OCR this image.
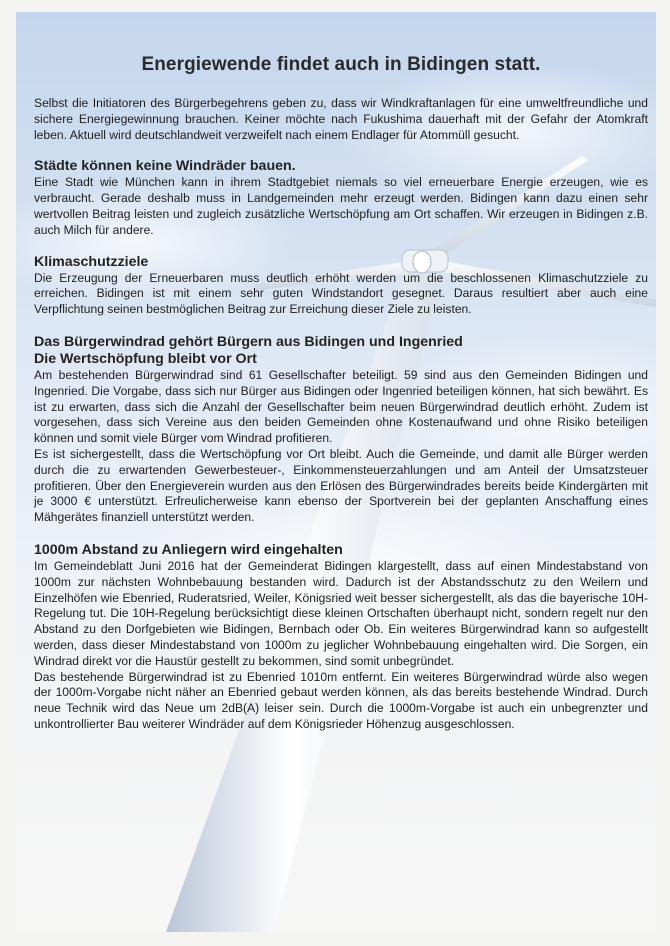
Energiewende findet auch in Bidingen statt.

Selbst die Initiatoren des Bürgerbegehrens geben zu, dass wir Windkraftanlagen für eine umweltfreundliche und sichere Energiegewinnung brauchen. Keiner möchte nach Fukushima dauerhaft mit der Gefahr der Atomkraft leben. Aktuell wird deutschlandweit verzweifelt nach einem Endlager für Atommüll gesucht.

Städte können keine Windräder bauen.

Eine Stadt wie München kann in ihrem Stadtgebiet niemals so viel erneuerbare Energie erzeugen, wie es verbraucht. Gerade deshalb muss in Landgemeinden mehr erzeugt werden. Bidingen kann dazu einen sehr wertvollen Beitrag leisten und zugleich zusätzliche Wertschöpfung am Ort schaffen. Wir erzeugen in Bidingen z.B. auch Milch für andere.

Klimaschutzziele

Die Erzeugung der Erneuerbaren muss deutlich erhöht werden um die beschlossenen Klimaschutzziele zu erreichen. Bidingen ist mit einem sehr guten Windstandort gesegnet. Daraus resultiert aber auch eine Verpflichtung seinen bestmöglichen Beitrag zur Erreichung dieser Ziele zu leisten.

Das Bürgerwindrad gehört Bürgern aus Bidingen und Ingenried
Die Wertschöpfung bleibt vor Ort

Am bestehenden Bürgerwindrad sind 61 Gesellschafter beteiligt. 59 sind aus den Gemeinden Bidingen und Ingenried. Die Vorgabe, dass sich nur Bürger aus Bidingen oder Ingenried beteiligen können, hat sich bewährt. Es ist zu erwarten, dass sich die Anzahl der Gesellschafter beim neuen Bürgerwindrad deutlich erhöht. Zudem ist vorgesehen, dass sich Vereine aus den beiden Gemeinden ohne Kostenaufwand und ohne Risiko beteiligen können und somit viele Bürger vom Windrad profitieren.

Es ist sichergestellt, dass die Wertschöpfung vor Ort bleibt. Auch die Gemeinde, und damit alle Bürger werden durch die zu erwartenden Gewerbesteuer-, Einkommensteuerzahlungen und am Anteil der Umsatzsteuer profitieren. Über den Energieverein wurden aus den Erlösen des Bürgerwindrades bereits beide Kindergärten mit je 3000 € unterstützt. Erfreulicherweise kann ebenso der Sportverein bei der geplanten Anschaffung eines Mähgerätes finanziell unterstützt werden.

1000m Abstand zu Anliegern wird eingehalten

Im Gemeindeblatt Juni 2016 hat der Gemeinderat Bidingen klargestellt, dass auf einen Mindestabstand von 1000m zur nächsten Wohnbebauung bestanden wird. Dadurch ist der Abstandsschutz zu den Weilern und Einzelhöfen wie Ebenried, Ruderatsried, Weiler, Königsried weit besser sichergestellt, als das die bayerische 10H-Regelung tut. Die 10H-Regelung berücksichtigt diese kleinen Ortschaften überhaupt nicht, sondern regelt nur den Abstand zu den Dorfgebieten wie Bidingen, Bernbach oder Ob. Ein weiteres Bürgerwindrad kann so aufgestellt werden, dass dieser Mindestabstand von 1000m zu jeglicher Wohnbebauung eingehalten wird. Die Sorgen, ein Windrad direkt vor die Haustür gestellt zu bekommen, sind somit unbegründet.

Das bestehende Bürgerwindrad ist zu Ebenried 1010m entfernt. Ein weiteres Bürgerwindrad würde also wegen der 1000m-Vorgabe nicht näher an Ebenried gebaut werden können, als das bereits bestehende Windrad. Durch neue Technik wird das Neue um 2dB(A) leiser sein. Durch die 1000m-Vorgabe ist auch ein unbegrenzter und unkontrollierter Bau weiterer Windräder auf dem Königsrieder Höhenzug ausgeschlossen.
